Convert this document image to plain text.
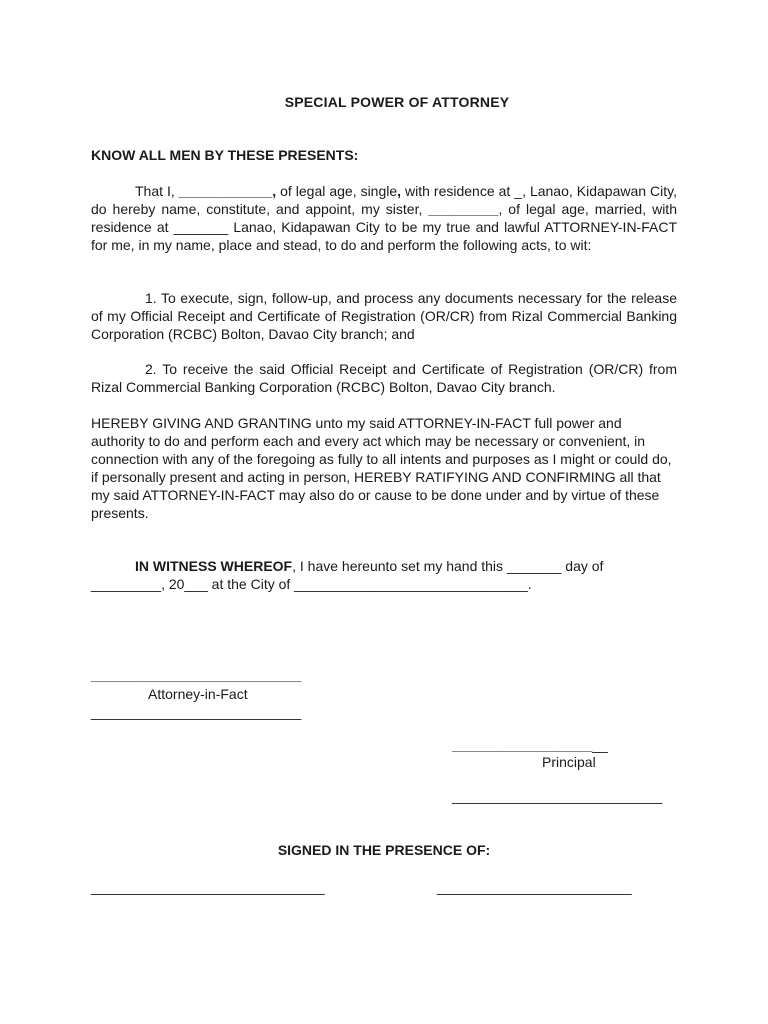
SPECIAL POWER OF ATTORNEY

KNOW ALL MEN BY THESE PRESENTS:

That I, ____________, of legal age, single, with residence at _, Lanao, Kidapawan City, do hereby name, constitute, and appoint, my sister, _________, of legal age, married, with residence at _______ Lanao, Kidapawan City to be my true and lawful ATTORNEY-IN-FACT for me, in my name, place and stead, to do and perform the following acts, to wit:

1. To execute, sign, follow-up, and process any documents necessary for the release of my Official Receipt and Certificate of Registration (OR/CR) from Rizal Commercial Banking Corporation (RCBC) Bolton, Davao City branch; and

2. To receive the said Official Receipt and Certificate of Registration (OR/CR) from Rizal Commercial Banking Corporation (RCBC) Bolton, Davao City branch.

HEREBY GIVING AND GRANTING unto my said ATTORNEY-IN-FACT full power and authority to do and perform each and every act which may be necessary or convenient, in connection with any of the foregoing as fully to all intents and purposes as I might or could do, if personally present and acting in person, HEREBY RATIFYING AND CONFIRMING all that my said ATTORNEY-IN-FACT may also do or cause to be done under and by virtue of these presents.

IN WITNESS WHEREOF, I have hereunto set my hand this _______ day of _________, 20___ at the City of ______________________________.

___________________________
Attorney-in-Fact
___________________________
____________________
Principal
___________________________

SIGNED IN THE PRESENCE OF:

______________________________	_________________________
